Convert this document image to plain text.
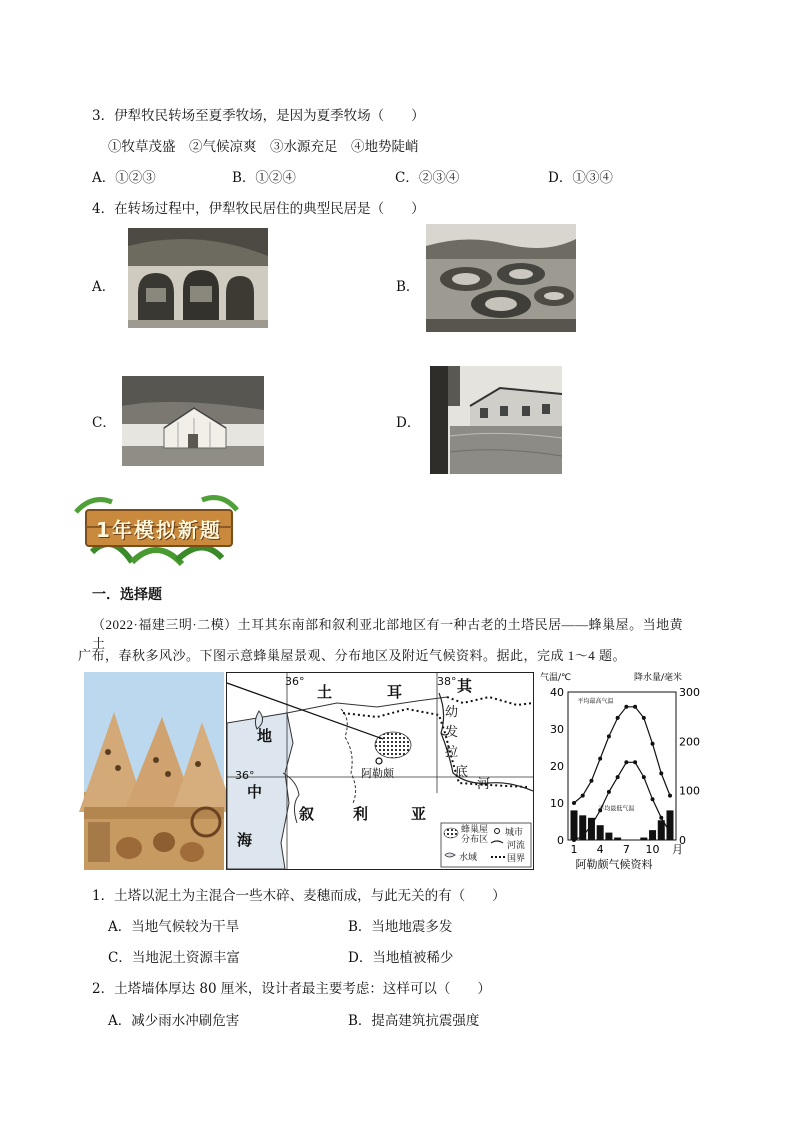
3．伊犁牧民转场至夏季牧场，是因为夏季牧场（　　）
①牧草茂盛　②气候凉爽　③水源充足　④地势陡峭
A．①②③	B．①②④	C．②③④	D．①③④
4．在转场过程中，伊犁牧民居住的典型民居是（　　）
A．	B．
C．	D．
1年模拟新题
一．选择题
（2022·福建三明·二模）土耳其东南部和叙利亚北部地区有一种古老的土塔民居——蜂巢屋。当地黄土
广布，春秋多风沙。下图示意蜂巢屋景观、分布地区及附近气候资料。据此，完成 1～4 题。
36°	38°
36°
土	耳	其
幼
发
拉
底
河
地
中
海
叙	利	亚
阿勒颇
蜂巢屋分布区
城市
河流
水域	国界
气温/℃	降水量/毫米
40
30
20
10
0
300
200
100
0
1 4 7 10 月
阿勒颇气候资料
平均最高气温
平均最低气温
1．土塔以泥土为主混合一些木碎、麦穗而成，与此无关的有（　　）
A．当地气候较为干旱	B．当地地震多发
C．当地泥土资源丰富	D．当地植被稀少
2．土塔墙体厚达 80 厘米，设计者最主要考虑：这样可以（　　）
A．减少雨水冲刷危害	B．提高建筑抗震强度
